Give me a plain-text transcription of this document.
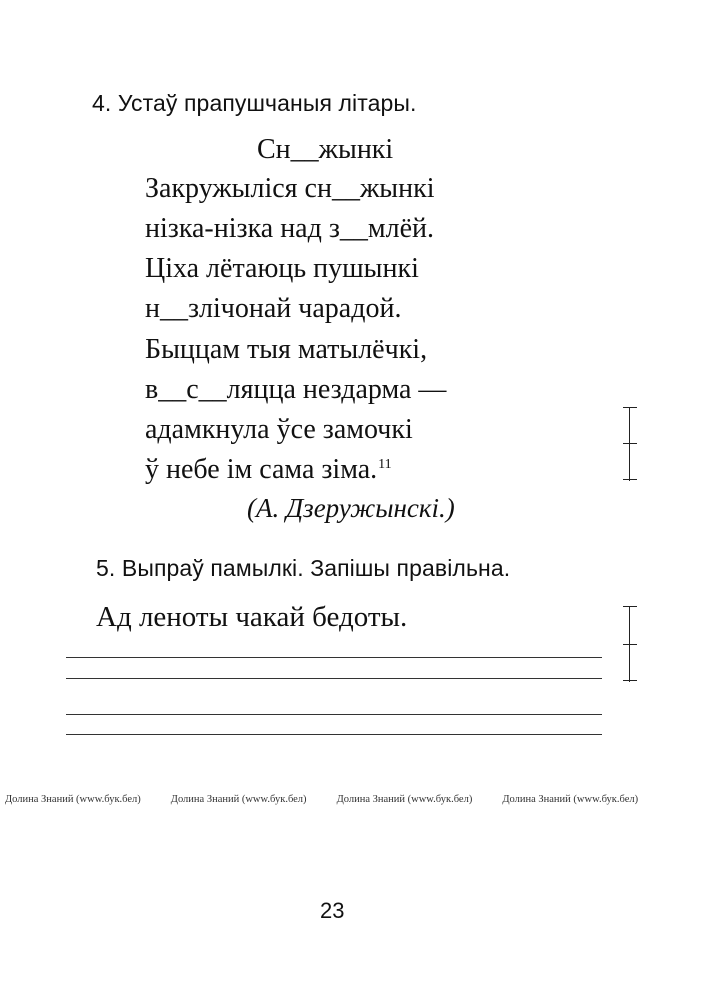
4. Устаў прапушчаныя літары.
Сн__жынкі
Закружыліся сн__жынкі
нізка-нізка над з__млёй.
Ціха лётаюць пушынкі
н__злічонай чарадой.
Быццам тыя матылёчкі,
в__с__ляцца нездарма —
адамкнула ўсе замочкі
ў небе ім сама зіма.$^{11}$
(А. Дзеружынскі.)
5. Выпраў памылкі. Запішы правільна.
Ад леноты чакай бедоты.
Долина Знаний (www.бук.бел)	Долина Знаний (www.бук.бел)	Долина Знаний (www.бук.бел)	Долина Знаний (www.бук.бел)
23
